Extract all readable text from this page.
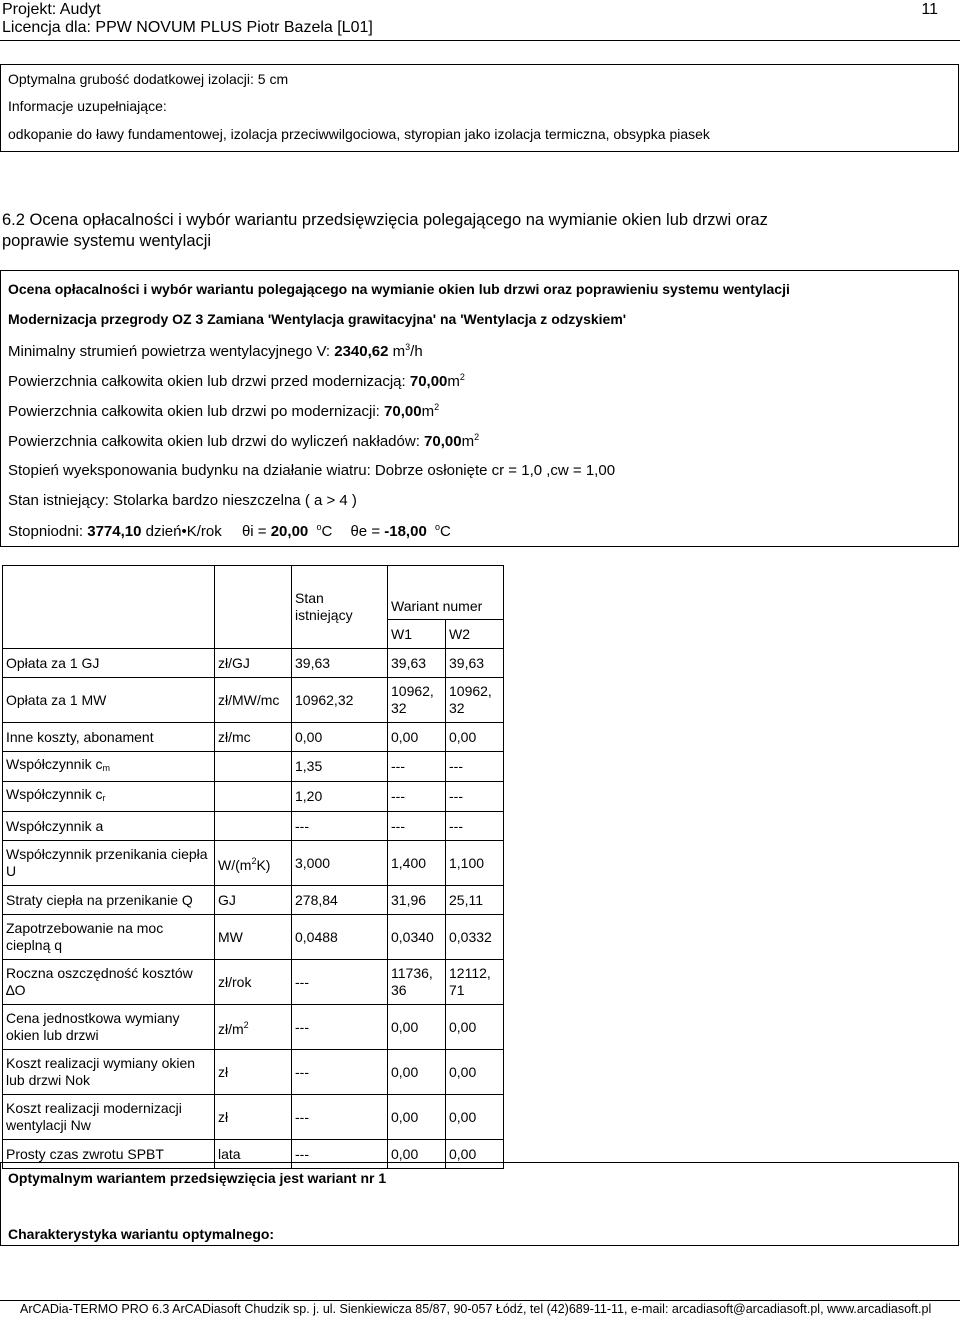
Projekt: Audyt
Licencja dla: PPW NOVUM PLUS Piotr Bazela [L01]
11
Optymalna grubość dodatkowej izolacji: 5 cm
Informacje uzupełniające:
odkopanie do ławy fundamentowej, izolacja przeciwwilgociowa, styropian jako izolacja termiczna, obsypka piasek
6.2 Ocena opłacalności i wybór wariantu przedsięwzięcia polegającego na wymianie okien lub drzwi oraz
poprawie systemu wentylacji
Ocena opłacalności i wybór wariantu polegającego na wymianie okien lub drzwi oraz poprawieniu systemu wentylacji
Modernizacja przegrody OZ 3 Zamiana 'Wentylacja grawitacyjna' na 'Wentylacja z odzyskiem'
Minimalny strumień powietrza wentylacyjnego V: 2340,62 $m^3/h$
Powierzchnia całkowita okien lub drzwi przed modernizacją: $70,00m^2$
Powierzchnia całkowita okien lub drzwi po modernizacji: $70,00m^2$
Powierzchnia całkowita okien lub drzwi do wyliczeń nakładów: $70,00m^2$
Stopień wyeksponowania budynku na działanie wiatru: Dobrze osłonięte cr = 1,0 ,cw = 1,00
Stan istniejący: Stolarka bardzo nieszczelna ( a > 4 )
Stopniodni: 3774,10 dzień•K/rok θi = 20,00 $^o$C θe = -18,00 $^o$C
		Stan istniejący	Wariant numer	
			W1	W2
Opłata za 1 GJ	zł/GJ	39,63	39,63	39,63
Opłata za 1 MW	zł/MW/mc	10962,32	10962, 32	10962, 32
Inne koszty, abonament	zł/mc	0,00	0,00	0,00
Współczynnik $c_m$		1,35	---	---
Współczynnik $c_r$		1,20	---	---
Współczynnik a		---	---	---
Współczynnik przenikania ciepła U	$W/(m^2K)$	3,000	1,400	1,100
Straty ciepła na przenikanie Q	GJ	278,84	31,96	25,11
Zapotrzebowanie na moc cieplną q	MW	0,0488	0,0340	0,0332
Roczna oszczędność kosztów ∆O	zł/rok	---	11736, 36	12112, 71
Cena jednostkowa wymiany okien lub drzwi	$zł/m^2$	---	0,00	0,00
Koszt realizacji wymiany okien lub drzwi Nok	zł	---	0,00	0,00
Koszt realizacji modernizacji wentylacji Nw	zł	---	0,00	0,00
Prosty czas zwrotu SPBT	lata	---	0,00	0,00
Optymalnym wariantem przedsięwzięcia jest wariant nr 1
Charakterystyka wariantu optymalnego:
ArCADia-TERMO PRO 6.3 ArCADiasoft Chudzik sp. j. ul. Sienkiewicza 85/87, 90-057 Łódź, tel (42)689-11-11, e-mail: arcadiasoft@arcadiasoft.pl, www.arcadiasoft.pl
